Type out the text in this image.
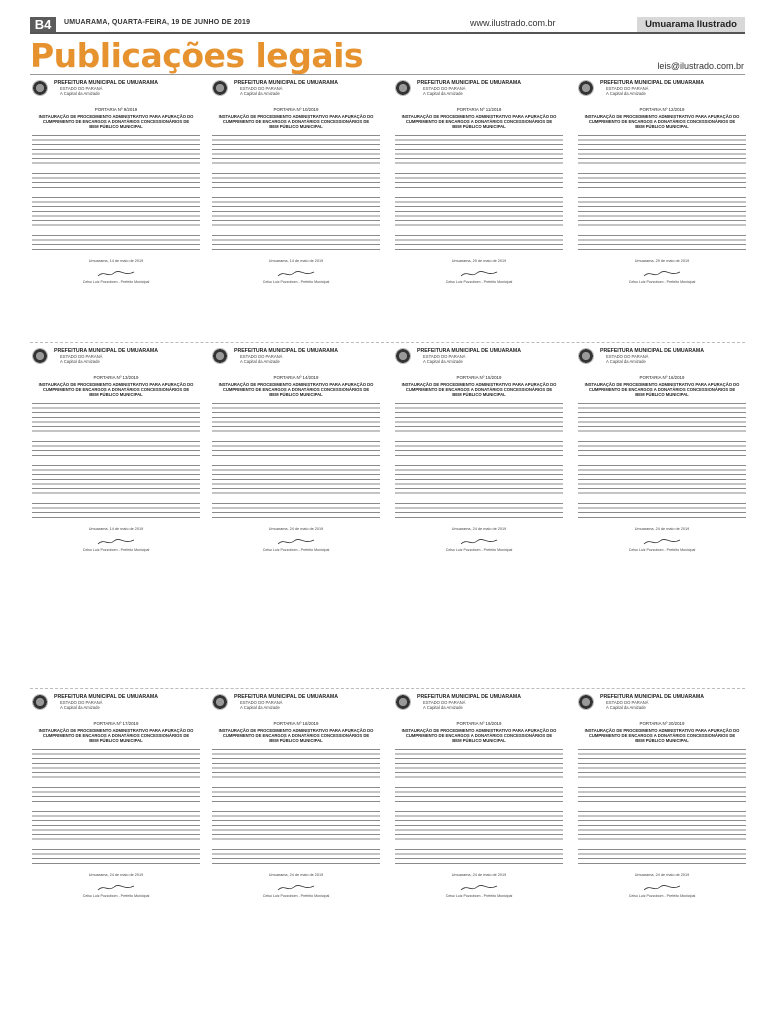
B4	UMUARAMA, QUARTA-FEIRA, 19 DE JUNHO DE 2019	www.ilustrado.com.br	Umuarama Ilustrado
Publicações legais	leis@ilustrado.com.br
PREFEITURA MUNICIPAL DE UMUARAMA
ESTADO DO PARANÁ
A Capital da Amizade
PORTARIA Nº 9/2019
INSTAURAÇÃO DE PROCEDIMENTO ADMINISTRATIVO PARA APURAÇÃO DO CUMPRIMENTO DE ENCARGOS A DONATÁRIOS CONCESSIONÁRIOS DE BEM PÚBLICO MUNICIPAL
Umuarama, 14 de maio de 2019
Celso Luiz Pozzobom - Prefeito Municipal
PREFEITURA MUNICIPAL DE UMUARAMA
ESTADO DO PARANÁ
A Capital da Amizade
PORTARIA Nº 10/2019
INSTAURAÇÃO DE PROCEDIMENTO ADMINISTRATIVO PARA APURAÇÃO DO CUMPRIMENTO DE ENCARGOS A DONATÁRIOS CONCESSIONÁRIOS DE BEM PÚBLICO MUNICIPAL
Umuarama, 14 de maio de 2019
Celso Luiz Pozzobom - Prefeito Municipal
PREFEITURA MUNICIPAL DE UMUARAMA
ESTADO DO PARANÁ
A Capital da Amizade
PORTARIA Nº 11/2019
INSTAURAÇÃO DE PROCEDIMENTO ADMINISTRATIVO PARA APURAÇÃO DO CUMPRIMENTO DE ENCARGOS A DONATÁRIOS CONCESSIONÁRIOS DE BEM PÚBLICO MUNICIPAL
Umuarama, 29 de maio de 2019
Celso Luiz Pozzobom - Prefeito Municipal
PREFEITURA MUNICIPAL DE UMUARAMA
ESTADO DO PARANÁ
A Capital da Amizade
PORTARIA Nº 12/2019
INSTAURAÇÃO DE PROCEDIMENTO ADMINISTRATIVO PARA APURAÇÃO DO CUMPRIMENTO DE ENCARGOS A DONATÁRIOS CONCESSIONÁRIOS DE BEM PÚBLICO MUNICIPAL
Umuarama, 29 de maio de 2019
Celso Luiz Pozzobom - Prefeito Municipal
PREFEITURA MUNICIPAL DE UMUARAMA
ESTADO DO PARANÁ
A Capital da Amizade
PORTARIA Nº 13/2019
INSTAURAÇÃO DE PROCEDIMENTO ADMINISTRATIVO PARA APURAÇÃO DO CUMPRIMENTO DE ENCARGOS A DONATÁRIOS CONCESSIONÁRIOS DE BEM PÚBLICO MUNICIPAL
Umuarama, 14 de maio de 2019
Celso Luiz Pozzobom - Prefeito Municipal
PREFEITURA MUNICIPAL DE UMUARAMA
ESTADO DO PARANÁ
A Capital da Amizade
PORTARIA Nº 14/2019
INSTAURAÇÃO DE PROCEDIMENTO ADMINISTRATIVO PARA APURAÇÃO DO CUMPRIMENTO DE ENCARGOS A DONATÁRIOS CONCESSIONÁRIOS DE BEM PÚBLICO MUNICIPAL
Umuarama, 24 de maio de 2019
Celso Luiz Pozzobom - Prefeito Municipal
PREFEITURA MUNICIPAL DE UMUARAMA
ESTADO DO PARANÁ
A Capital da Amizade
PORTARIA Nº 15/2019
INSTAURAÇÃO DE PROCEDIMENTO ADMINISTRATIVO PARA APURAÇÃO DO CUMPRIMENTO DE ENCARGOS A DONATÁRIOS CONCESSIONÁRIOS DE BEM PÚBLICO MUNICIPAL
Umuarama, 24 de maio de 2019
Celso Luiz Pozzobom - Prefeito Municipal
PREFEITURA MUNICIPAL DE UMUARAMA
ESTADO DO PARANÁ
A Capital da Amizade
PORTARIA Nº 16/2019
INSTAURAÇÃO DE PROCEDIMENTO ADMINISTRATIVO PARA APURAÇÃO DO CUMPRIMENTO DE ENCARGOS A DONATÁRIOS CONCESSIONÁRIOS DE BEM PÚBLICO MUNICIPAL
Umuarama, 24 de maio de 2019
Celso Luiz Pozzobom - Prefeito Municipal
PREFEITURA MUNICIPAL DE UMUARAMA
ESTADO DO PARANÁ
A Capital da Amizade
PORTARIA Nº 17/2019
INSTAURAÇÃO DE PROCEDIMENTO ADMINISTRATIVO PARA APURAÇÃO DO CUMPRIMENTO DE ENCARGOS A DONATÁRIOS CONCESSIONÁRIOS DE BEM PÚBLICO MUNICIPAL
Umuarama, 24 de maio de 2019
Celso Luiz Pozzobom - Prefeito Municipal
PREFEITURA MUNICIPAL DE UMUARAMA
ESTADO DO PARANÁ
A Capital da Amizade
PORTARIA Nº 18/2019
INSTAURAÇÃO DE PROCEDIMENTO ADMINISTRATIVO PARA APURAÇÃO DO CUMPRIMENTO DE ENCARGOS A DONATÁRIOS CONCESSIONÁRIOS DE BEM PÚBLICO MUNICIPAL
Umuarama, 24 de maio de 2019
Celso Luiz Pozzobom - Prefeito Municipal
PREFEITURA MUNICIPAL DE UMUARAMA
ESTADO DO PARANÁ
A Capital da Amizade
PORTARIA Nº 19/2019
INSTAURAÇÃO DE PROCEDIMENTO ADMINISTRATIVO PARA APURAÇÃO DO CUMPRIMENTO DE ENCARGOS A DONATÁRIOS CONCESSIONÁRIOS DE BEM PÚBLICO MUNICIPAL
Umuarama, 24 de maio de 2019
Celso Luiz Pozzobom - Prefeito Municipal
PREFEITURA MUNICIPAL DE UMUARAMA
ESTADO DO PARANÁ
A Capital da Amizade
PORTARIA Nº 20/2019
INSTAURAÇÃO DE PROCEDIMENTO ADMINISTRATIVO PARA APURAÇÃO DO CUMPRIMENTO DE ENCARGOS A DONATÁRIOS CONCESSIONÁRIOS DE BEM PÚBLICO MUNICIPAL
Umuarama, 24 de maio de 2019
Celso Luiz Pozzobom - Prefeito Municipal
